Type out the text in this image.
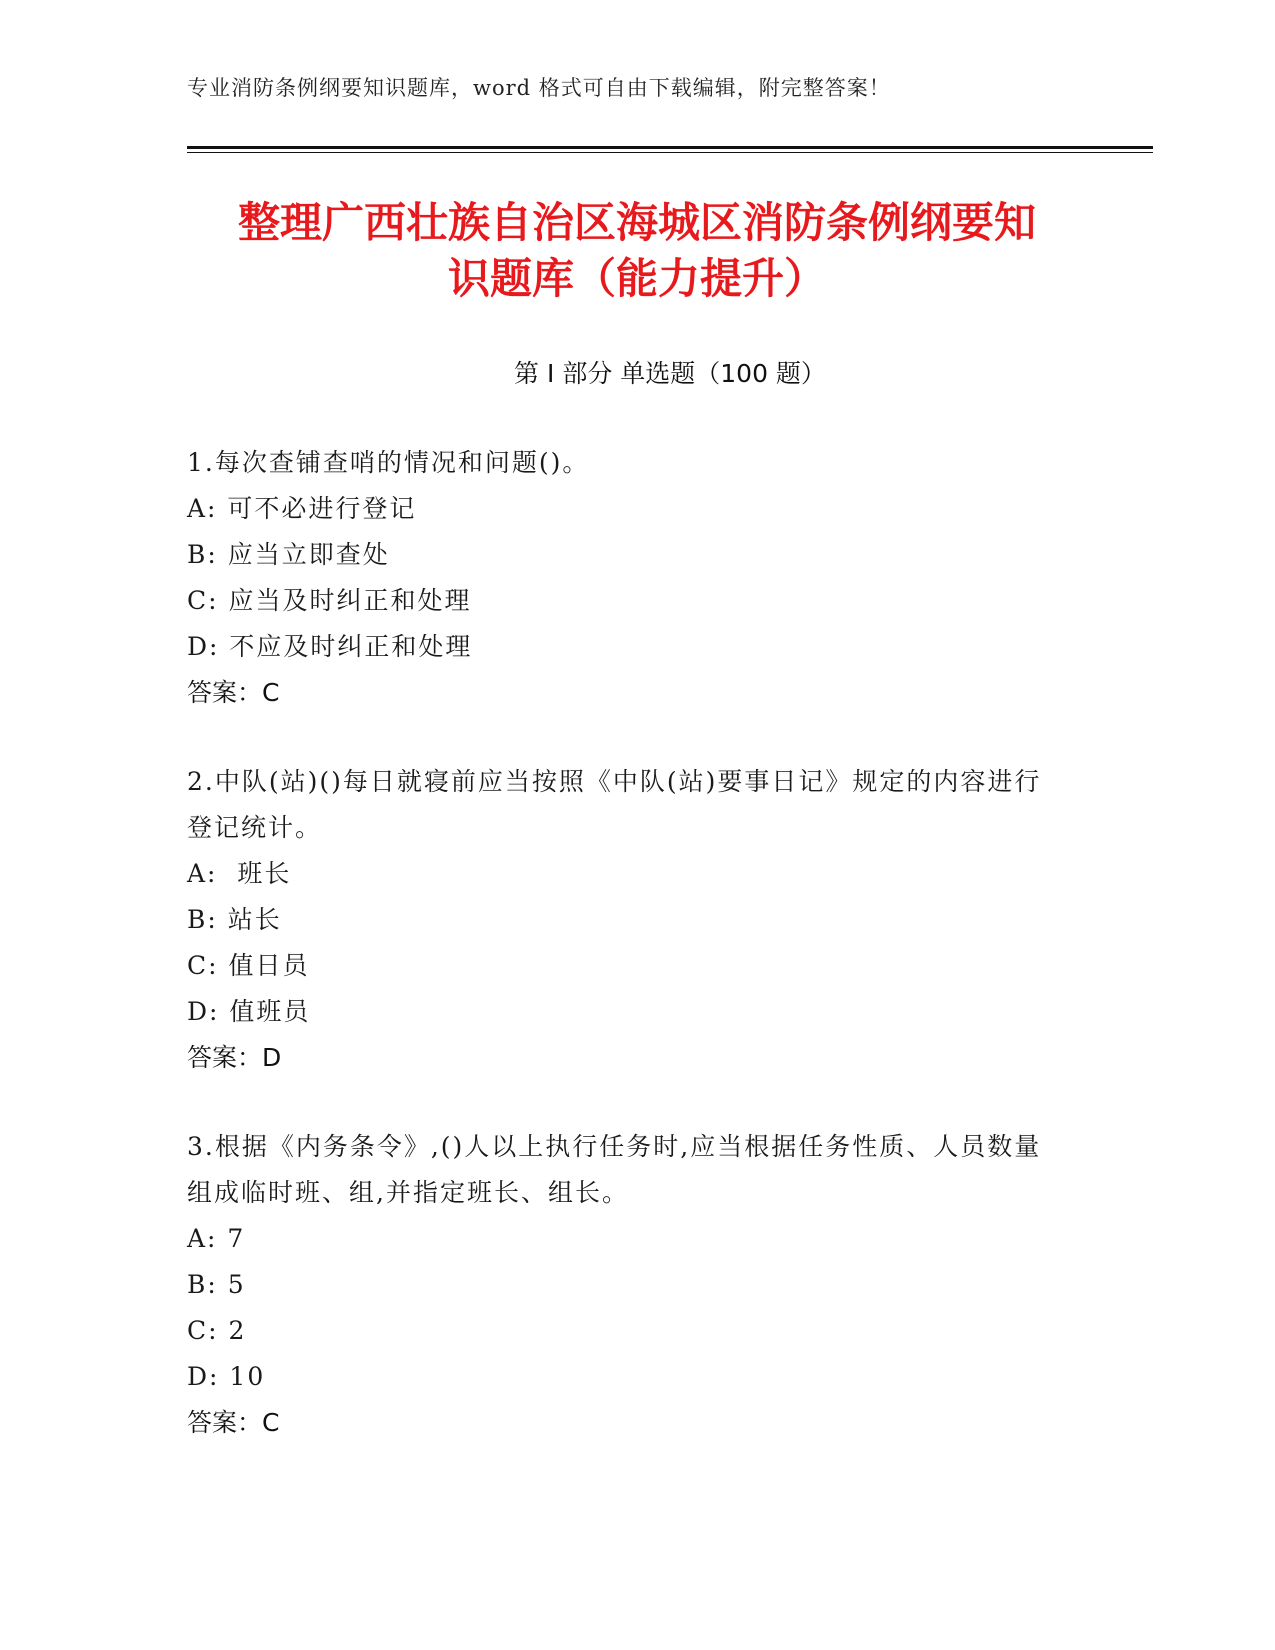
专业消防条例纲要知识题库，word 格式可自由下载编辑，附完整答案！
整理广西壮族自治区海城区消防条例纲要知
识题库（能力提升）
第 I 部分 单选题（100 题）

1.每次查铺查哨的情况和问题()。

A: 可不必进行登记

B: 应当立即查处

C: 应当及时纠正和处理

D: 不应及时纠正和处理

答案：C

2.中队(站)()每日就寝前应当按照《中队(站)要事日记》规定的内容进行登记统计。

A:  班长

B: 站长

C: 值日员

D: 值班员

答案：D

3.根据《内务条令》,()人以上执行任务时,应当根据任务性质、人员数量组成临时班、组,并指定班长、组长。

A: 7

B: 5

C: 2

D: 10

答案：C
